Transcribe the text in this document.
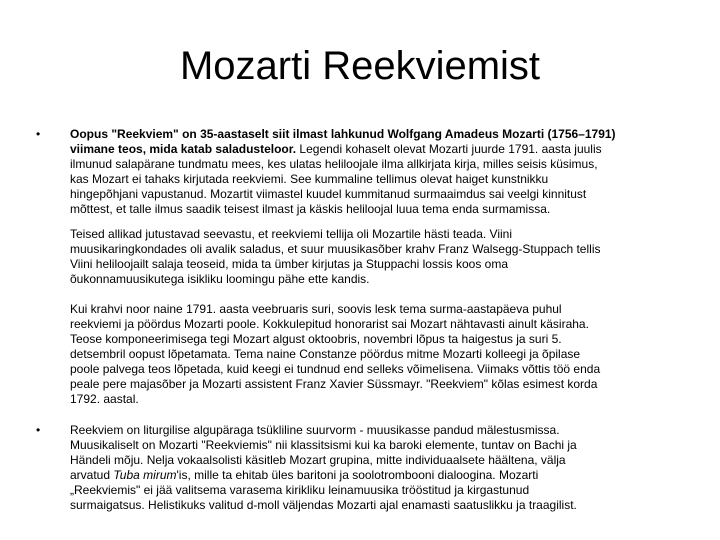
Mozarti Reekviemist
• Oopus "Reekviem" on 35-aastaselt siit ilmast lahkunud Wolfgang Amadeus Mozarti (1756–1791)
viimane teos, mida katab saladusteloor. Legendi kohaselt olevat Mozarti juurde 1791. aasta juulis
ilmunud salapärane tundmatu mees, kes ulatas heliloojale ilma allkirjata kirja, milles seisis küsimus,
kas Mozart ei tahaks kirjutada reekviemi. See kummaline tellimus olevat haiget kunstnikku
hingepõhjani vapustanud. Mozartit viimastel kuudel kummitanud surmaaimdus sai veelgi kinnitust
mõttest, et talle ilmus saadik teisest ilmast ja käskis heliloojal luua tema enda surmamissa.
Teised allikad jutustavad seevastu, et reekviemi tellija oli Mozartile hästi teada. Viini
muusikaringkondades oli avalik saladus, et suur muusikasõber krahv Franz Walsegg-Stuppach tellis
Viini heliloojailt salaja teoseid, mida ta ümber kirjutas ja Stuppachi lossis koos oma
õukonnamuusikutega isikliku loomingu pähe ette kandis.
Kui krahvi noor naine 1791. aasta veebruaris suri, soovis lesk tema surma-aastapäeva puhul
reekviemi ja pöördus Mozarti poole. Kokkulepitud honorarist sai Mozart nähtavasti ainult käsiraha.
Teose komponeerimisega tegi Mozart algust oktoobris, novembri lõpus ta haigestus ja suri 5.
detsembril oopust lõpetamata. Tema naine Constanze pöördus mitme Mozarti kolleegi ja õpilase
poole palvega teos lõpetada, kuid keegi ei tundnud end selleks võimelisena. Viimaks võttis töö enda
peale pere majasõber ja Mozarti assistent Franz Xavier Süssmayr. "Reekviem" kõlas esimest korda
1792. aastal.
• Reekviem on liturgilise algupäraga tsükliline suurvorm - muusikasse pandud mälestusmissa.
Muusikaliselt on Mozarti "Reekviemis" nii klassitsismi kui ka baroki elemente, tuntav on Bachi ja
Händeli mõju. Nelja vokaalsolisti käsitleb Mozart grupina, mitte individuaalsete häältena, välja
arvatud Tuba mirum'is, mille ta ehitab üles baritoni ja soolotrombooni dialoogina. Mozarti
„Reekviemis" ei jää valitsema varasema kirikliku leinamuusika trööstitud ja kirgastunud
surmaigatsus. Helistikuks valitud d-moll väljendas Mozarti ajal enamasti saatuslikku ja traagilist.
